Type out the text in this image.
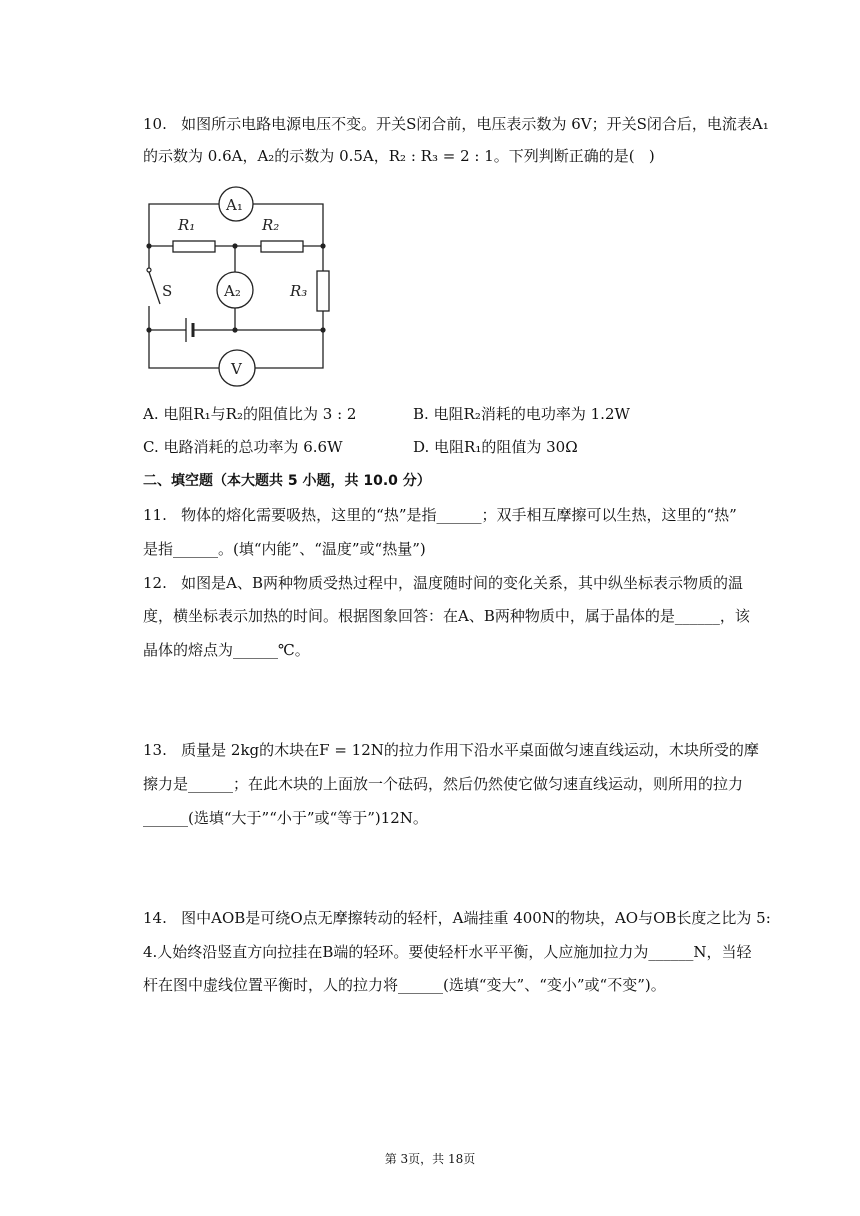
10.   如图所示电路电源电压不变。开关S闭合前，电压表示数为 6V；开关S闭合后，电流表A₁
的示数为 0.6A，A₂的示数为 0.5A，R₂ : R₃ = 2 : 1。下列判断正确的是(   )
A₁
R₁	R₂
A₂	R₃
S
V
A. 电阻R₁与R₂的阻值比为 3 : 2	B. 电阻R₂消耗的电功率为 1.2W
C. 电路消耗的总功率为 6.6W	D. 电阻R₁的阻值为 30Ω
二、填空题（本大题共 5 小题，共 10.0 分）
11.   物体的熔化需要吸热，这里的“热”是指______；双手相互摩擦可以生热，这里的“热”
是指______。(填“内能”、“温度”或“热量”)
12.   如图是A、B两种物质受热过程中，温度随时间的变化关系，其中纵坐标表示物质的温
度，横坐标表示加热的时间。根据图象回答：在A、B两种物质中，属于晶体的是______，该
晶体的熔点为______℃。
13.   质量是 2kg的木块在F = 12N的拉力作用下沿水平桌面做匀速直线运动，木块所受的摩
擦力是______；在此木块的上面放一个砝码，然后仍然使它做匀速直线运动，则所用的拉力
______(选填“大于”“小于”或“等于”)12N。
14.   图中AOB是可绕O点无摩擦转动的轻杆，A端挂重 400N的物块，AO与OB长度之比为 5:
4.人始终沿竖直方向拉挂在B端的轻环。要使轻杆水平平衡，人应施加拉力为______N，当轻
杆在图中虚线位置平衡时，人的拉力将______(选填“变大”、“变小”或“不变”)。
第 3页，共 18页
